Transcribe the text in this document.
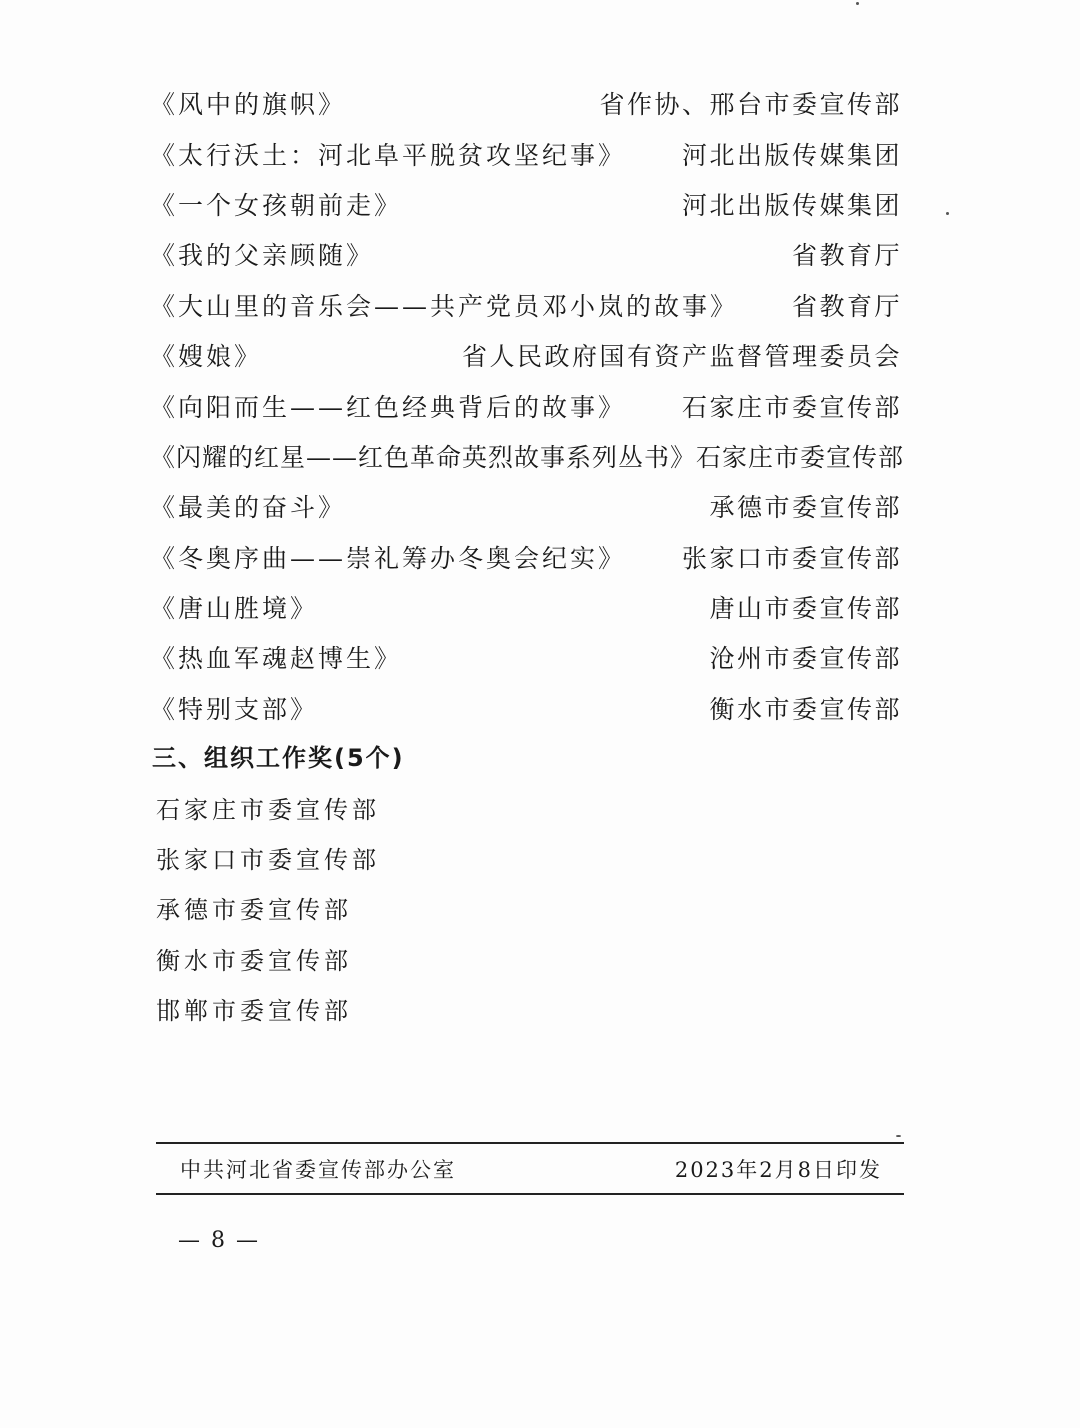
《风中的旗帜》	省作协、邢台市委宣传部
《太行沃土：河北阜平脱贫攻坚纪事》 河北出版传媒集团
《一个女孩朝前走》	河北出版传媒集团
《我的父亲顾随》	省教育厅
《大山里的音乐会——共产党员邓小岚的故事》 省教育厅
《嫂娘》	省人民政府国有资产监督管理委员会
《向阳而生——红色经典背后的故事》 石家庄市委宣传部
《闪耀的红星——红色革命英烈故事系列丛书》 石家庄市委宣传部
《最美的奋斗》	承德市委宣传部
《冬奥序曲——崇礼筹办冬奥会纪实》 张家口市委宣传部
《唐山胜境》	唐山市委宣传部
《热血军魂赵博生》	沧州市委宣传部
《特别支部》	衡水市委宣传部
三、组织工作奖(5个)
石家庄市委宣传部
张家口市委宣传部
承德市委宣传部
衡水市委宣传部
邯郸市委宣传部
中共河北省委宣传部办公室	2023年2月8日印发
— 8 —
